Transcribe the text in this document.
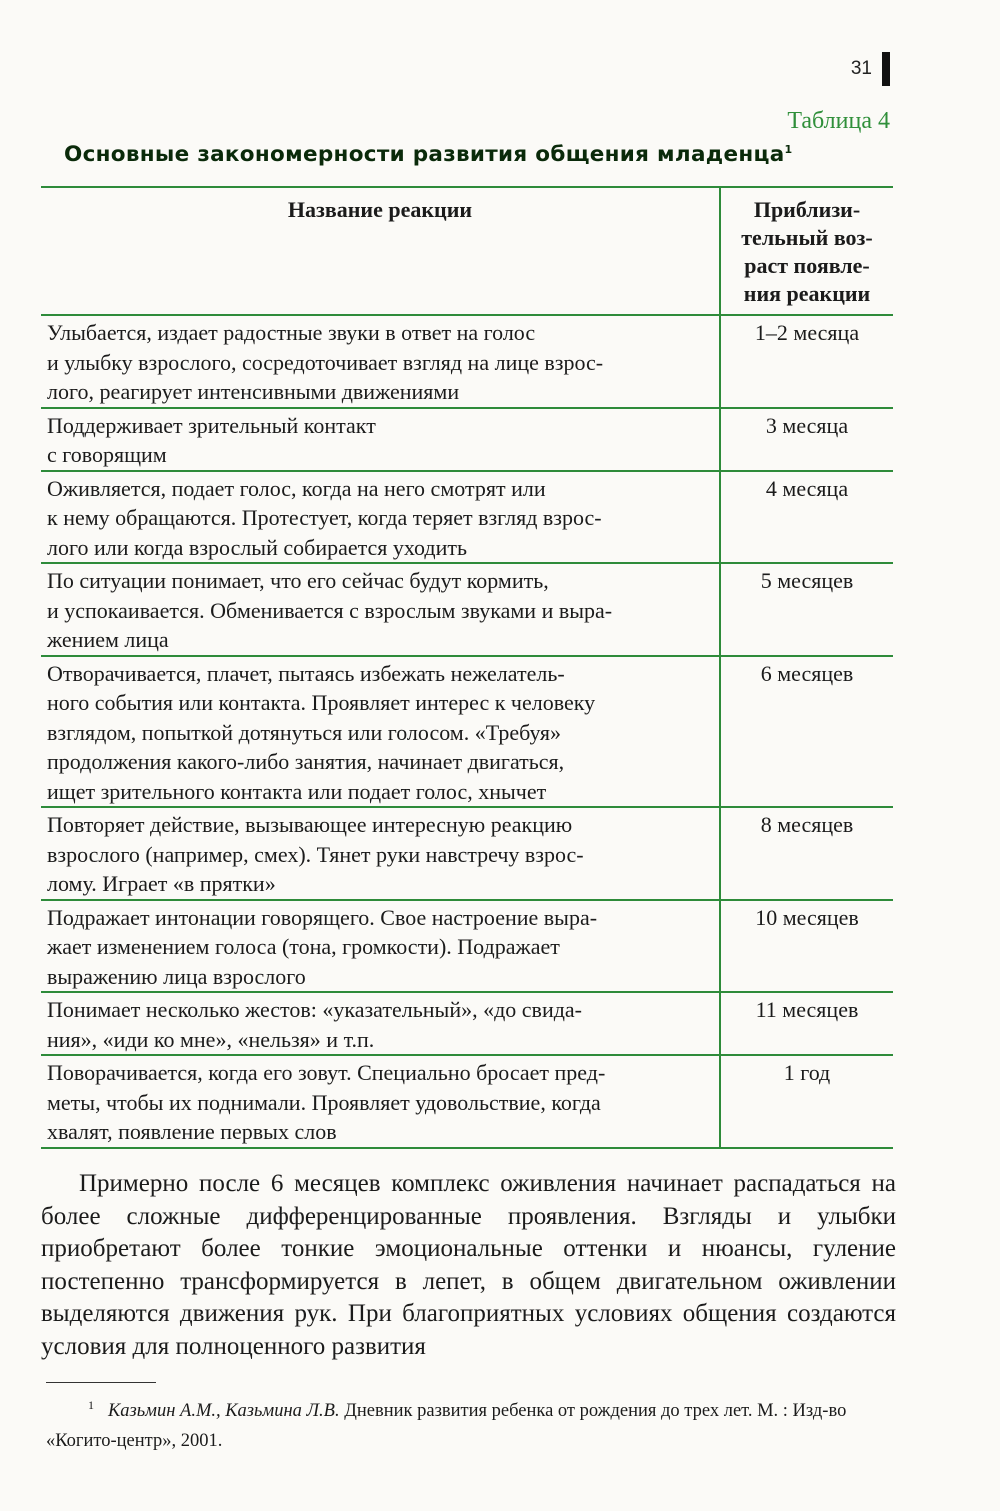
31
Таблица 4
Основные закономерности развития общения младенца$^1$
Название реакции	Приблизи-
тельный воз-
раст появле-
ния реакции

Улыбается, издает радостные звуки в ответ на голос
и улыбку взрослого, сосредоточивает взгляд на лице взрос-
лого, реагирует интенсивными движениями	1–2 месяца

Поддерживает зрительный контакт
с говорящим	3 месяца

Оживляется, подает голос, когда на него смотрят или
к нему обращаются. Протестует, когда теряет взгляд взрос-
лого или когда взрослый собирается уходить	4 месяца

По ситуации понимает, что его сейчас будут кормить,
и успокаивается. Обменивается с взрослым звуками и выра-
жением лица	5 месяцев

Отворачивается, плачет, пытаясь избежать нежелатель-
ного события или контакта. Проявляет интерес к человеку
взглядом, попыткой дотянуться или голосом. «Требуя»
продолжения какого-либо занятия, начинает двигаться,
ищет зрительного контакта или подает голос, хнычет	6 месяцев

Повторяет действие, вызывающее интересную реакцию
взрослого (например, смех). Тянет руки навстречу взрос-
лому. Играет «в прятки»	8 месяцев

Подражает интонации говорящего. Свое настроение выра-
жает изменением голоса (тона, громкости). Подражает
выражению лица взрослого	10 месяцев

Понимает несколько жестов: «указательный», «до свида-
ния», «иди ко мне», «нельзя» и т.п.	11 месяцев

Поворачивается, когда его зовут. Специально бросает пред-
меты, чтобы их поднимали. Проявляет удовольствие, когда
хвалят, появление первых слов	1 год
Примерно после 6 месяцев комплекс оживления начинает распадаться на более сложные дифференцированные проявления. Взгляды и улыбки приобретают более тонкие эмоциональные оттенки и нюансы, гуление постепенно трансформируется в лепет, в общем двигательном оживлении выделяются движения рук. При благоприятных условиях общения создаются условия для полноценного развития
$^1$ Казьмин А.М., Казьмина Л.В. Дневник развития ребенка от рождения до трех лет. М. : Изд-во «Когито-центр», 2001.
